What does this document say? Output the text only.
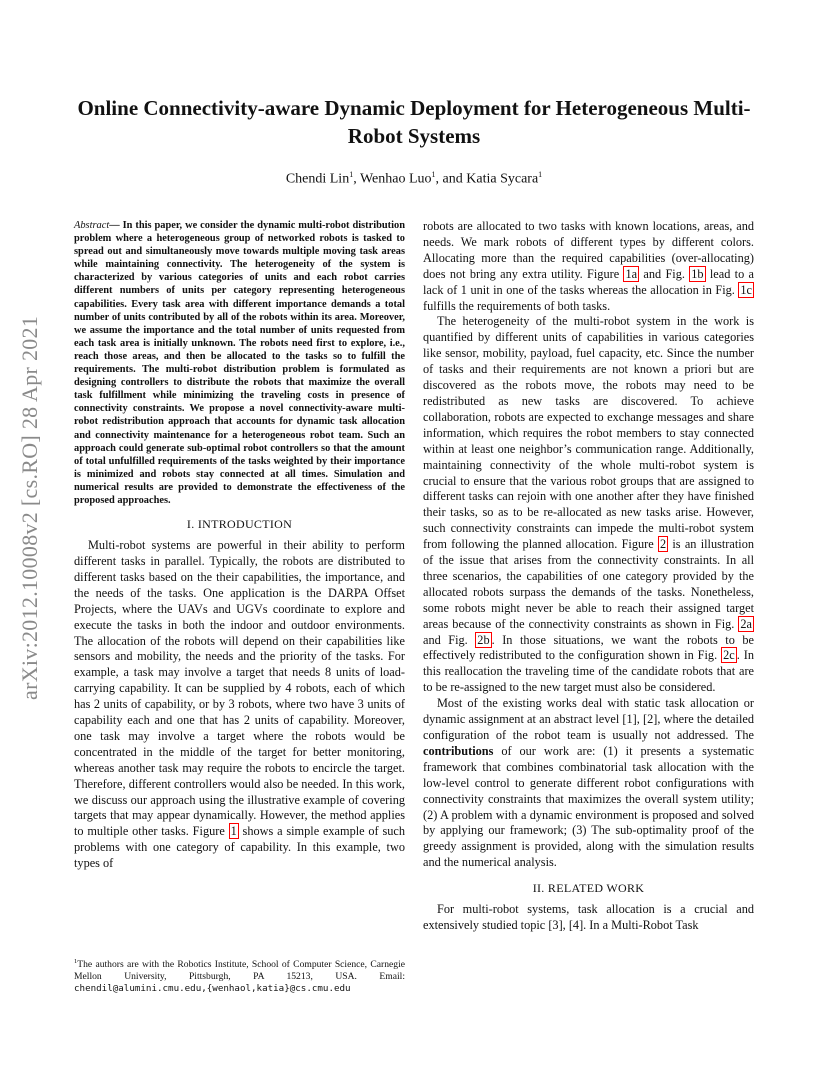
Online Connectivity-aware Dynamic Deployment for Heterogeneous Multi-Robot Systems
Chendi Lin$^1$, Wenhao Luo$^1$, and Katia Sycara$^1$
arXiv:2012.10008v2 [cs.RO] 28 Apr 2021

Abstract— In this paper, we consider the dynamic multi-robot distribution problem where a heterogeneous group of networked robots is tasked to spread out and simultaneously move towards multiple moving task areas while maintaining connectivity. The heterogeneity of the system is characterized by various categories of units and each robot carries different numbers of units per category representing heterogeneous capabilities. Every task area with different importance demands a total number of units contributed by all of the robots within its area. Moreover, we assume the importance and the total number of units requested from each task area is initially unknown. The robots need first to explore, i.e., reach those areas, and then be allocated to the tasks so to fulfill the requirements. The multi-robot distribution problem is formulated as designing controllers to distribute the robots that maximize the overall task fulfillment while minimizing the traveling costs in presence of connectivity constraints. We propose a novel connectivity-aware multi-robot redistribution approach that accounts for dynamic task allocation and connectivity maintenance for a heterogeneous robot team. Such an approach could generate sub-optimal robot controllers so that the amount of total unfulfilled requirements of the tasks weighted by their importance is minimized and robots stay connected at all times. Simulation and numerical results are provided to demonstrate the effectiveness of the proposed approaches.

I. INTRODUCTION

Multi-robot systems are powerful in their ability to perform different tasks in parallel. Typically, the robots are distributed to different tasks based on the their capabilities, the importance, and the needs of the tasks. One application is the DARPA Offset Projects, where the UAVs and UGVs coordinate to explore and execute the tasks in both the indoor and outdoor environments. The allocation of the robots will depend on their capabilities like sensors and mobility, the needs and the priority of the tasks. For example, a task may involve a target that needs 8 units of load-carrying capability. It can be supplied by 4 robots, each of which has 2 units of capability, or by 3 robots, where two have 3 units of capability each and one that has 2 units of capability. Moreover, one task may involve a target where the robots would be concentrated in the middle of the target for better monitoring, whereas another task may require the robots to encircle the target. Therefore, different controllers would also be needed. In this work, we discuss our approach using the illustrative example of covering targets that may appear dynamically. However, the method applies to multiple other tasks. Figure 1 shows a simple example of such problems with one category of capability. In this example, two types of

robots are allocated to two tasks with known locations, areas, and needs. We mark robots of different types by different colors. Allocating more than the required capabilities (over-allocating) does not bring any extra utility. Figure 1a and Fig. 1b lead to a lack of 1 unit in one of the tasks whereas the allocation in Fig. 1c fulfills the requirements of both tasks.

The heterogeneity of the multi-robot system in the work is quantified by different units of capabilities in various categories like sensor, mobility, payload, fuel capacity, etc. Since the number of tasks and their requirements are not known a priori but are discovered as the robots move, the robots may need to be redistributed as new tasks are discovered. To achieve collaboration, robots are expected to exchange messages and share information, which requires the robot members to stay connected within at least one neighbor’s communication range. Additionally, maintaining connectivity of the whole multi-robot system is crucial to ensure that the various robot groups that are assigned to different tasks can rejoin with one another after they have finished their tasks, so as to be re-allocated as new tasks arise. However, such connectivity constraints can impede the multi-robot system from following the planned allocation. Figure 2 is an illustration of the issue that arises from the connectivity constraints. In all three scenarios, the capabilities of one category provided by the allocated robots surpass the demands of the tasks. Nonetheless, some robots might never be able to reach their assigned target areas because of the connectivity constraints as shown in Fig. 2a and Fig. 2b . In those situations, we want the robots to be effectively redistributed to the configuration shown in Fig. 2c . In this reallocation the traveling time of the candidate robots that are to be re-assigned to the new target must also be considered.

Most of the existing works deal with static task allocation or dynamic assignment at an abstract level [1], [2], where the detailed configuration of the robot team is usually not addressed. The contributions of our work are: (1) it presents a systematic framework that combines combinatorial task allocation with the low-level control to generate different robot configurations with connectivity constraints that maximizes the overall system utility; (2) A problem with a dynamic environment is proposed and solved by applying our framework; (3) The sub-optimality proof of the greedy assignment is provided, along with the simulation results and the numerical analysis.

II. RELATED WORK

For multi-robot systems, task allocation is a crucial and extensively studied topic [3], [4]. In a Multi-Robot Task

$^1$The authors are with the Robotics Institute, School of Computer Science, Carnegie Mellon University, Pittsburgh, PA 15213, USA. Email: chendil@alumini.cmu.edu,{wenhaol,katia}@cs.cmu.edu
